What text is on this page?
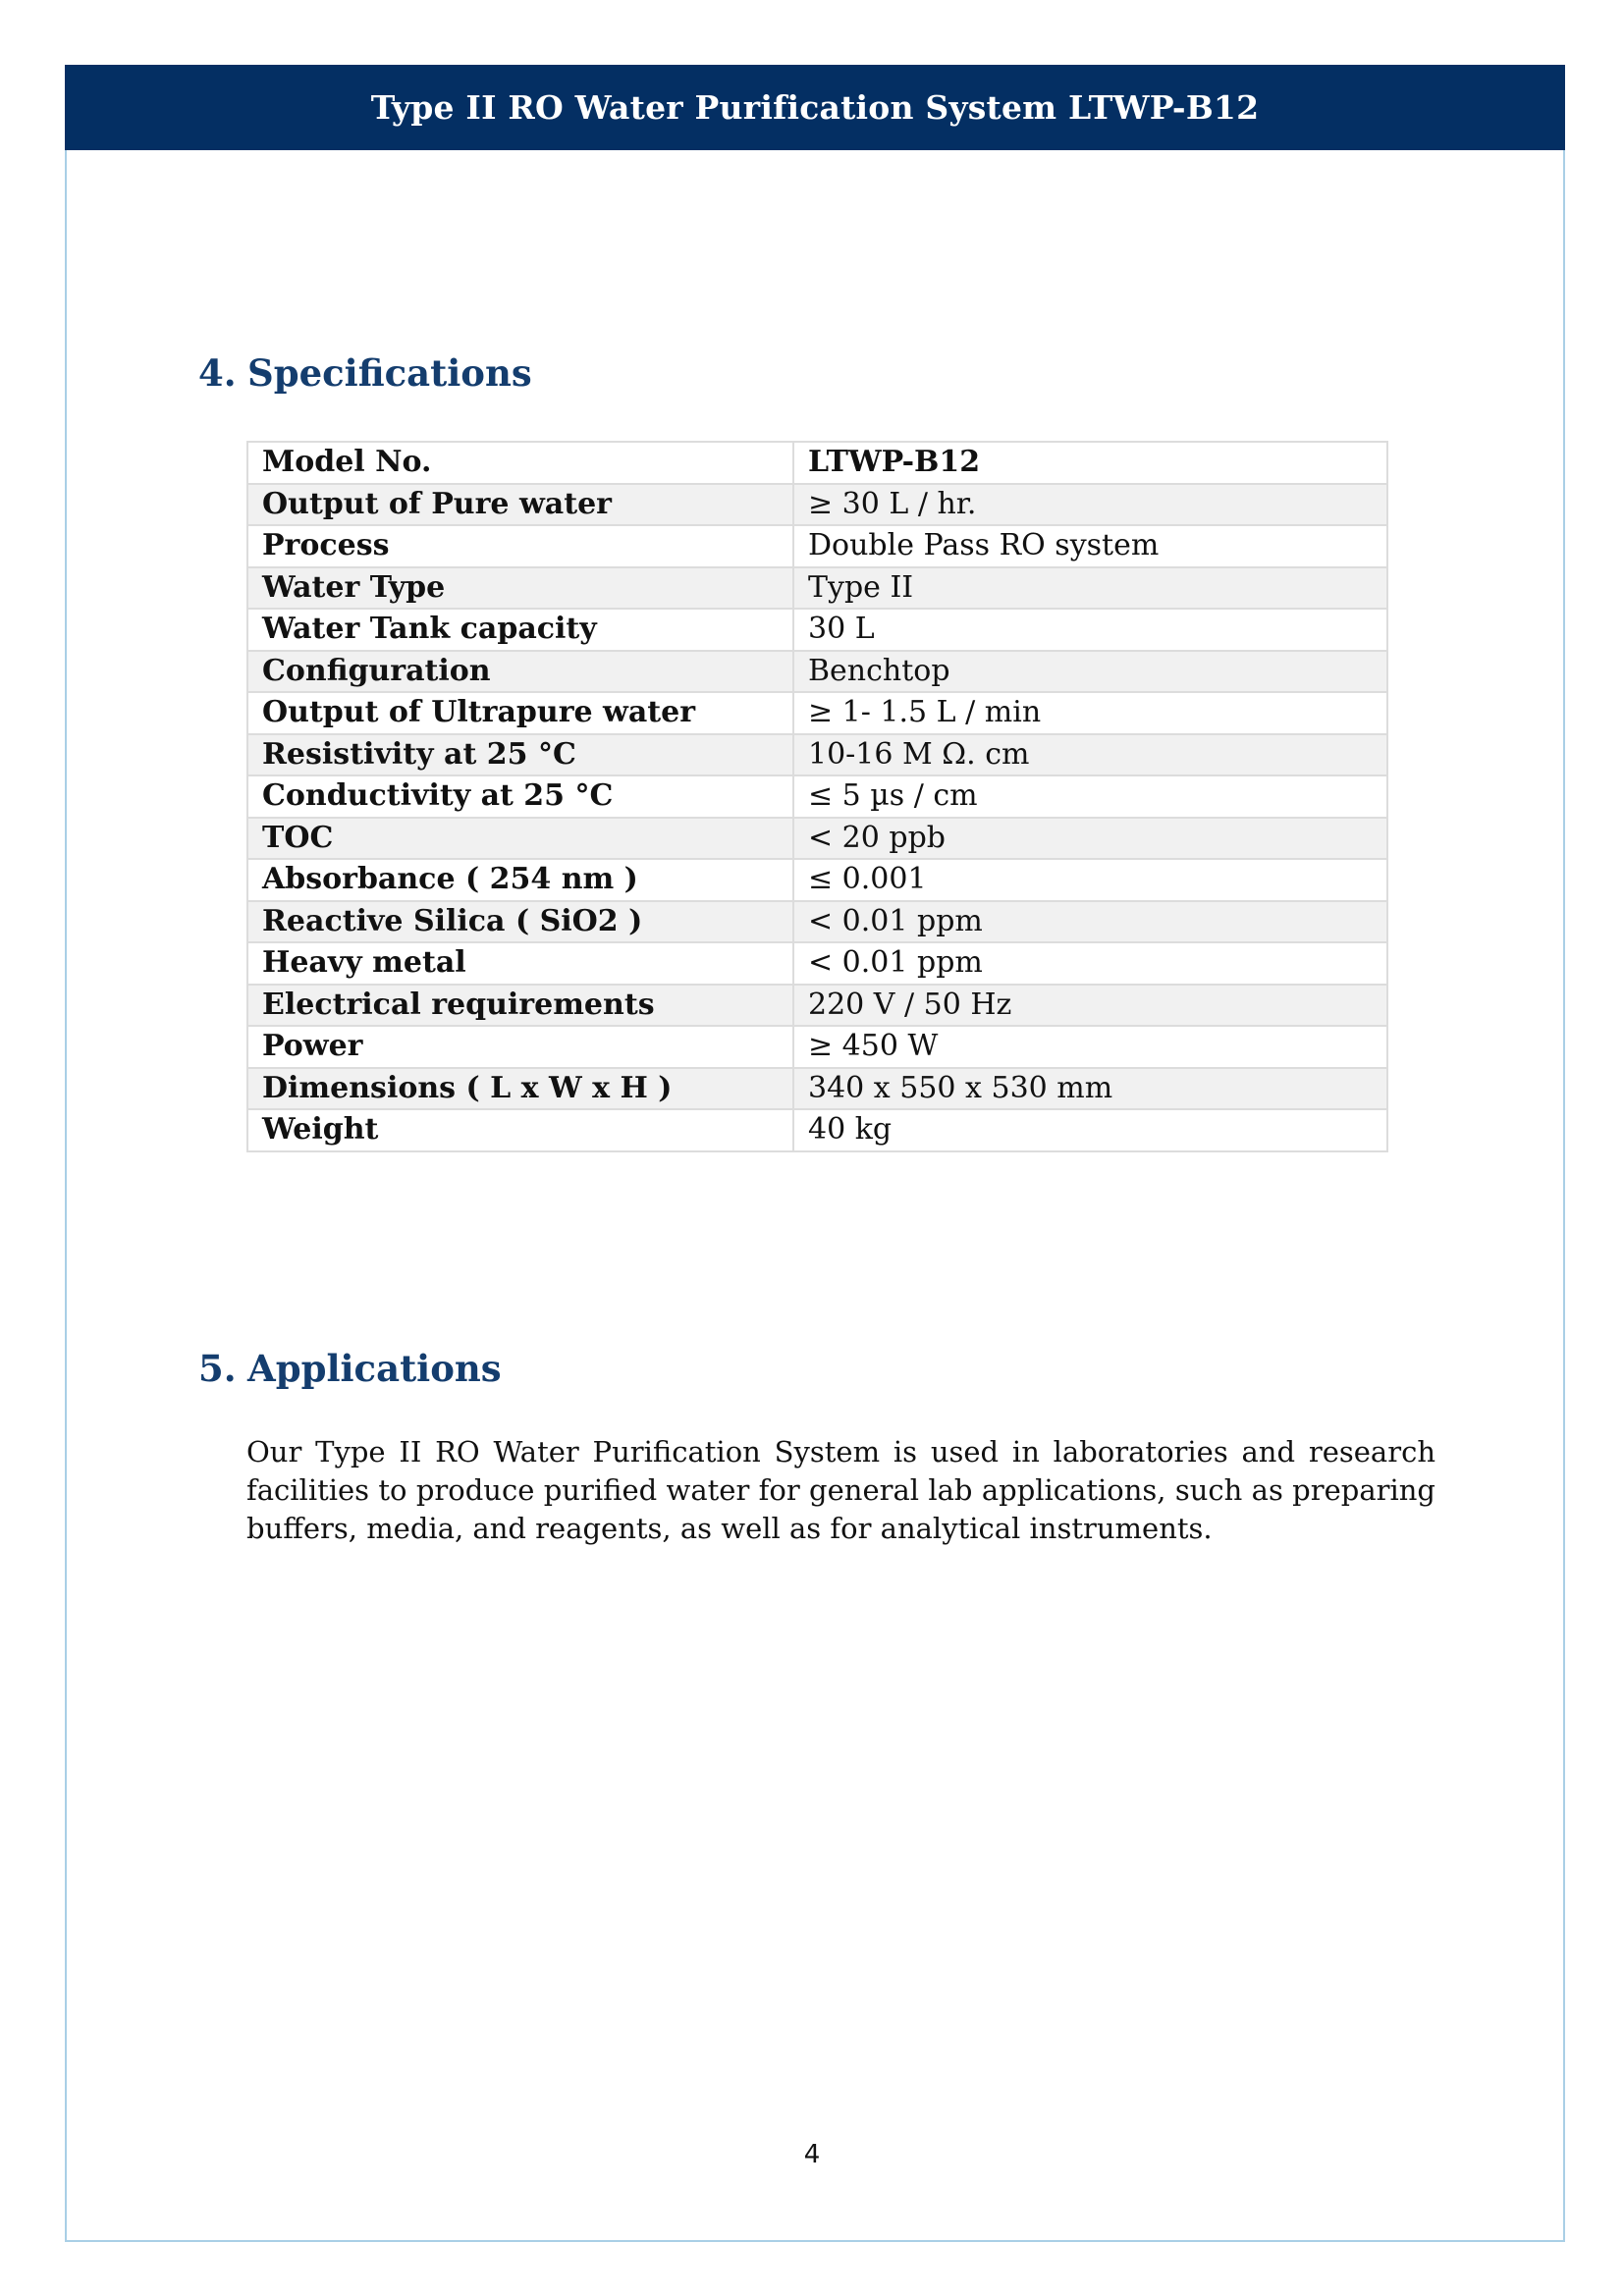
Type II RO Water Purification System LTWP-B12
4. Specifications
Model No.	LTWP-B12
Output of Pure water	≥ 30 L / hr.
Process	Double Pass RO system
Water Type	Type II
Water Tank capacity	30 L
Configuration	Benchtop
Output of Ultrapure water	≥ 1- 1.5 L / min
Resistivity at 25 °C	10-16 M Ω. cm
Conductivity at 25 °C	≤ 5 µs / cm
TOC	< 20 ppb
Absorbance ( 254 nm )	≤ 0.001
Reactive Silica ( SiO2 )	< 0.01 ppm
Heavy metal	< 0.01 ppm
Electrical requirements	220 V / 50 Hz
Power	≥ 450 W
Dimensions ( L x W x H )	340 x 550 x 530 mm
Weight	40 kg
5. Applications
Our Type II RO Water Purification System is used in laboratories and research facilities to produce purified water for general lab applications, such as preparing buffers, media, and reagents, as well as for analytical instruments.
4
